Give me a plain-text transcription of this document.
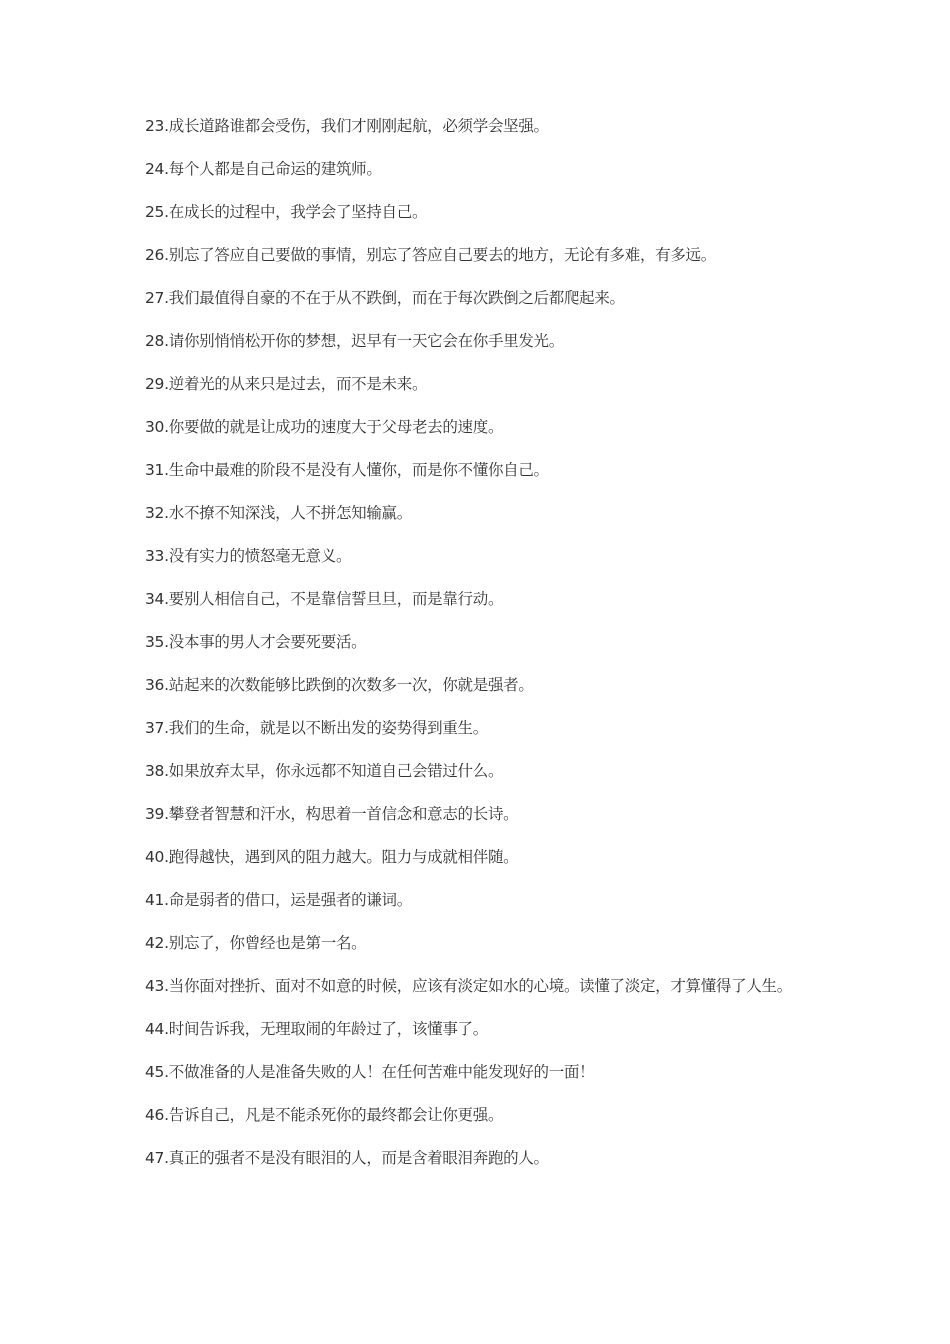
23.成长道路谁都会受伤，我们才刚刚起航，必须学会坚强。

24.每个人都是自己命运的建筑师。

25.在成长的过程中，我学会了坚持自己。

26.别忘了答应自己要做的事情，别忘了答应自己要去的地方，无论有多难，有多远。

27.我们最值得自豪的不在于从不跌倒，而在于每次跌倒之后都爬起来。

28.请你别悄悄松开你的梦想，迟早有一天它会在你手里发光。

29.逆着光的从来只是过去，而不是未来。

30.你要做的就是让成功的速度大于父母老去的速度。

31.生命中最难的阶段不是没有人懂你，而是你不懂你自己。

32.水不撩不知深浅，人不拼怎知输赢。

33.没有实力的愤怒毫无意义。

34.要别人相信自己，不是靠信誓旦旦，而是靠行动。

35.没本事的男人才会要死要活。

36.站起来的次数能够比跌倒的次数多一次，你就是强者。

37.我们的生命，就是以不断出发的姿势得到重生。

38.如果放弃太早，你永远都不知道自己会错过什么。

39.攀登者智慧和汗水，构思着一首信念和意志的长诗。

40.跑得越快，遇到风的阻力越大。阻力与成就相伴随。

41.命是弱者的借口，运是强者的谦词。

42.别忘了，你曾经也是第一名。

43.当你面对挫折、面对不如意的时候，应该有淡定如水的心境。读懂了淡定，才算懂得了人生。

44.时间告诉我，无理取闹的年龄过了，该懂事了。

45.不做准备的人是准备失败的人！在任何苦难中能发现好的一面！

46.告诉自己，凡是不能杀死你的最终都会让你更强。

47.真正的强者不是没有眼泪的人，而是含着眼泪奔跑的人。
